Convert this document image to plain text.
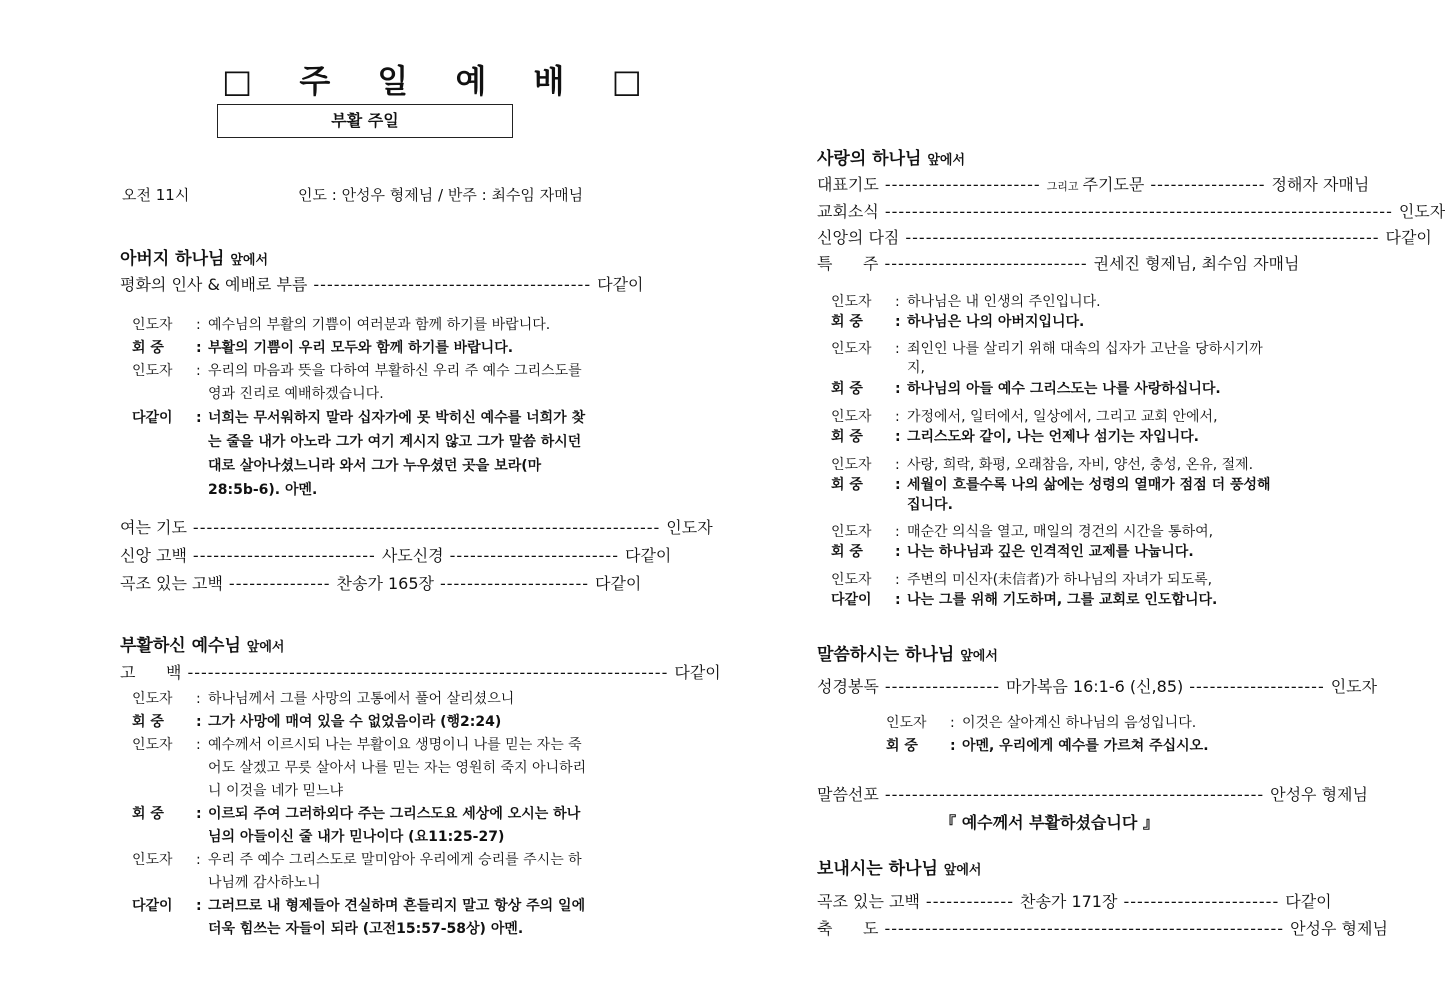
□ 주 일 예 배 □
부활 주일
오전 11시	인도 : 안성우 형제님 / 반주 : 최수임 자매님
아버지 하나님 앞에서
평화의 인사 & 예배로 부름 ----------------------------------------- 다같이
인도자	: 예수님의 부활의 기쁨이 여러분과 함께 하기를 바랍니다.
회 중	: 부활의 기쁨이 우리 모두와 함께 하기를 바랍니다.
인도자	: 우리의 마음과 뜻을 다하여 부활하신 우리 주 예수 그리스도를 영과 진리로 예배하겠습니다.
다같이	: 너희는 무서워하지 말라 십자가에 못 박히신 예수를 너희가 찾는 줄을 내가 아노라 그가 여기 계시지 않고 그가 말씀 하시던 대로 살아나셨느니라 와서 그가 누우셨던 곳을 보라(마28:5b-6). 아멘.
여는 기도 --------------------------------------------------------------------- 인도자
신앙 고백 --------------------------- 사도신경 ------------------------- 다같이
곡조 있는 고백 --------------- 찬송가 165장 ---------------------- 다같이
부활하신 예수님 앞에서
고      백 ----------------------------------------------------------------------- 다같이
인도자	: 하나님께서 그를 사망의 고통에서 풀어 살리셨으니
회 중	: 그가 사망에 매여 있을 수 없었음이라 (행2:24)
인도자	: 예수께서 이르시되 나는 부활이요 생명이니 나를 믿는 자는 죽어도 살겠고 무릇 살아서 나를 믿는 자는 영원히 죽지 아니하리니 이것을 네가 믿느냐
회 중	: 이르되 주여 그러하외다 주는 그리스도요 세상에 오시는 하나님의 아들이신 줄 내가 믿나이다 (요11:25-27)
인도자	: 우리 주 예수 그리스도로 말미암아 우리에게 승리를 주시는 하나님께 감사하노니
다같이	: 그러므로 내 형제들아 견실하며 흔들리지 말고 항상 주의 일에 더욱 힘쓰는 자들이 되라 (고전15:57-58상) 아멘.
사랑의 하나님 앞에서
대표기도 ----------------------- 그리고 주기도문 ----------------- 정해자 자매님
교회소식 --------------------------------------------------------------------------- 인도자
신앙의 다짐 ---------------------------------------------------------------------- 다같이
특      주 ------------------------------ 권세진 형제님, 최수임 자매님
인도자	: 하나님은 내 인생의 주인입니다.
회 중	: 하나님은 나의 아버지입니다.
인도자	: 죄인인 나를 살리기 위해 대속의 십자가 고난을 당하시기까지,
회 중	: 하나님의 아들 예수 그리스도는 나를 사랑하십니다.
인도자	: 가정에서, 일터에서, 일상에서, 그리고 교회 안에서,
회 중	: 그리스도와 같이, 나는 언제나 섬기는 자입니다.
인도자	: 사랑, 희락, 화평, 오래참음, 자비, 양선, 충성, 온유, 절제.
회 중	: 세월이 흐를수록 나의 삶에는 성령의 열매가 점점 더 풍성해 집니다.
인도자	: 매순간 의식을 열고, 매일의 경건의 시간을 통하여,
회 중	: 나는 하나님과 깊은 인격적인 교제를 나눕니다.
인도자	: 주변의 미신자(未信者)가 하나님의 자녀가 되도록,
다같이	: 나는 그를 위해 기도하며, 그를 교회로 인도합니다.
말씀하시는 하나님 앞에서
성경봉독 ----------------- 마가복음 16:1-6 (신,85) -------------------- 인도자
인도자	: 이것은 살아계신 하나님의 음성입니다.
회 중	: 아멘, 우리에게 예수를 가르쳐 주십시오.
말씀선포 -------------------------------------------------------- 안성우 형제님
『 예수께서 부활하셨습니다 』
보내시는 하나님 앞에서
곡조 있는 고백 ------------- 찬송가 171장 ----------------------- 다같이
축      도 ----------------------------------------------------------- 안성우 형제님
